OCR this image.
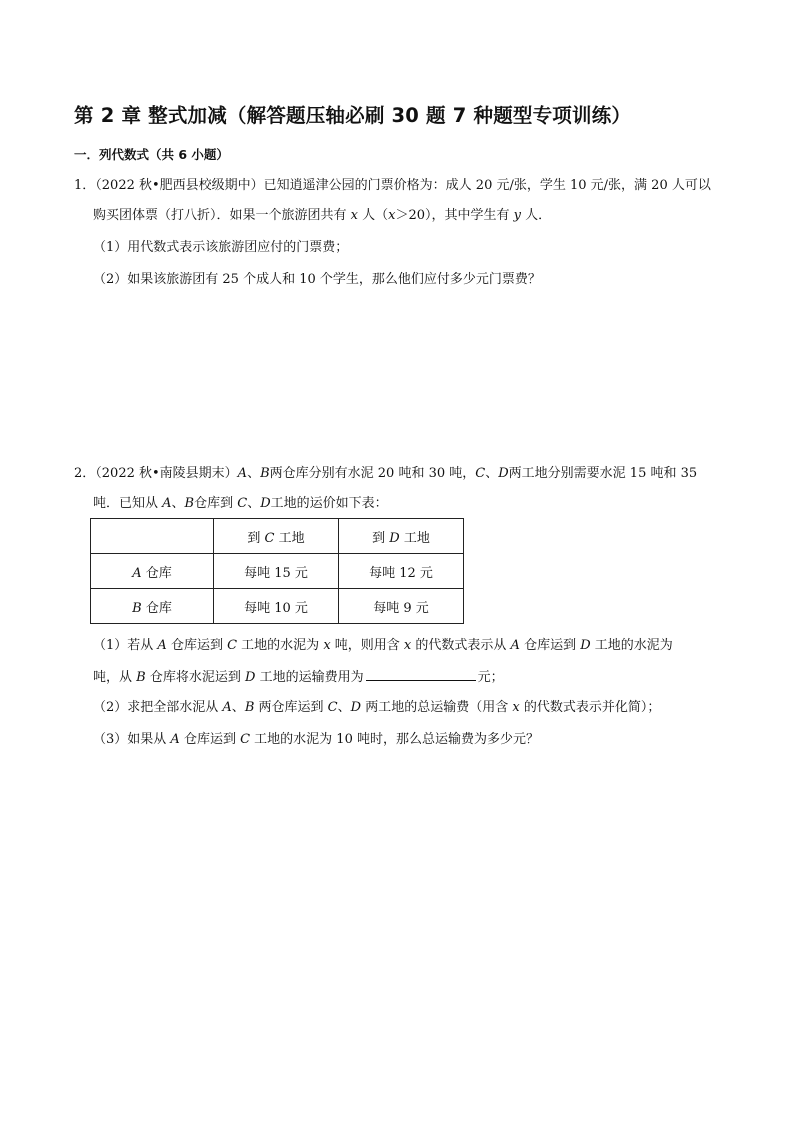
第 2 章 整式加减（解答题压轴必刷 30 题 7 种题型专项训练）
一．列代数式（共 6 小题）
1．（2022 秋•肥西县校级期中）已知逍遥津公园的门票价格为：成人 20 元/张，学生 10 元/张，满 20 人可以
购买团体票（打八折）．如果一个旅游团共有 x 人（x＞20），其中学生有 y 人．
（1）用代数式表示该旅游团应付的门票费；
（2）如果该旅游团有 25 个成人和 10 个学生，那么他们应付多少元门票费？
2．（2022 秋•南陵县期末）A、B两仓库分别有水泥 20 吨和 30 吨，C、D两工地分别需要水泥 15 吨和 35
吨．已知从 A、B仓库到 C、D工地的运价如下表：
	到 C 工地	到 D 工地
A 仓库	每吨 15 元	每吨 12 元
B 仓库	每吨 10 元	每吨 9 元
（1）若从 A 仓库运到 C 工地的水泥为 x 吨，则用含 x 的代数式表示从 A 仓库运到 D 工地的水泥为
吨，从 B 仓库将水泥运到 D 工地的运输费用为	元；
（2）求把全部水泥从 A、B 两仓库运到 C、D 两工地的总运输费（用含 x 的代数式表示并化简）；
（3）如果从 A 仓库运到 C 工地的水泥为 10 吨时，那么总运输费为多少元？
